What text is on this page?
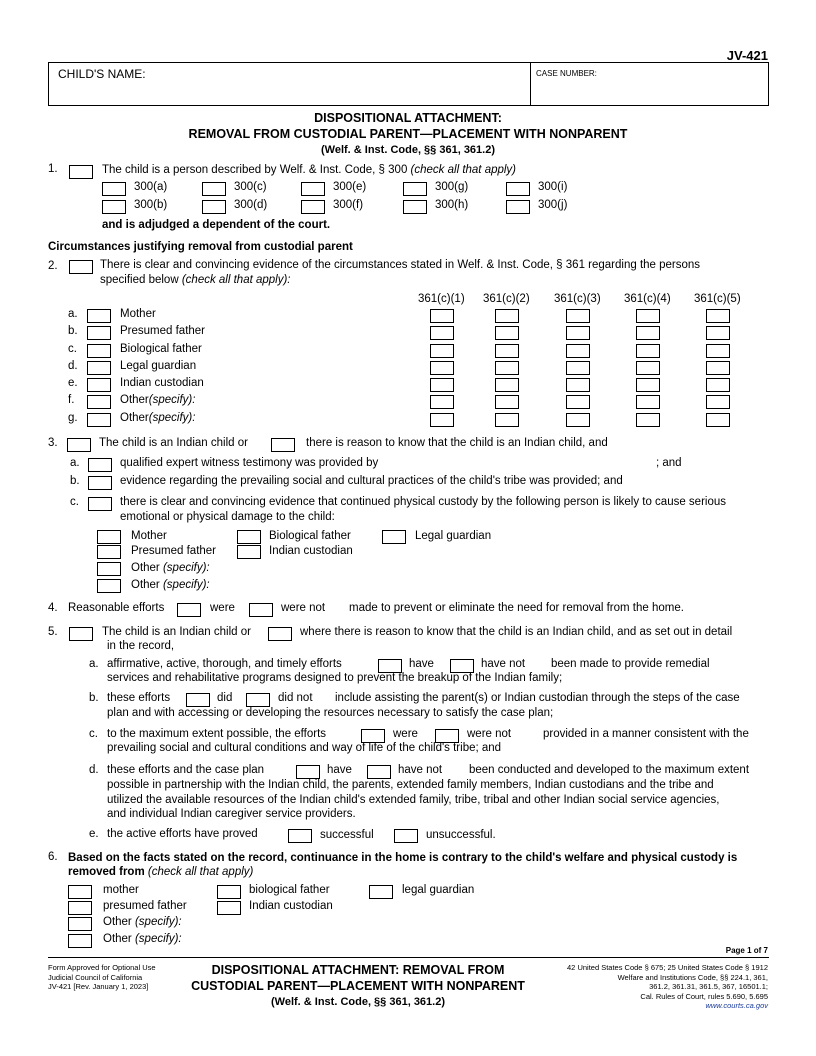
JV-421
CHILD'S NAME:	CASE NUMBER:
DISPOSITIONAL ATTACHMENT:
REMOVAL FROM CUSTODIAL PARENT—PLACEMENT WITH NONPARENT
(Welf. & Inst. Code, §§ 361, 361.2)
1.	The child is a person described by Welf. & Inst. Code, § 300 (check all that apply)
300(a)	300(c)	300(e)	300(g)	300(i)
300(b)	300(d)	300(f)	300(h)	300(j)
and is adjudged a dependent of the court.
Circumstances justifying removal from custodial parent
2.	There is clear and convincing evidence of the circumstances stated in Welf. & Inst. Code, § 361 regarding the persons
specified below (check all that apply):
361(c)(1) 361(c)(2) 361(c)(3) 361(c)(4) 361(c)(5)
a.	Mother
b.	Presumed father
c.	Biological father
d.	Legal guardian
e.	Indian custodian
f.	Other(specify):
g.	Other(specify):
3.	The child is an Indian child or	there is reason to know that the child is an Indian child, and
a.	qualified expert witness testimony was provided by	; and
b.	evidence regarding the prevailing social and cultural practices of the child's tribe was provided; and
c.	there is clear and convincing evidence that continued physical custody by the following person is likely to cause serious
emotional or physical damage to the child:
Mother	Biological father	Legal guardian
Presumed father	Indian custodian
Other (specify):
Other (specify):
4. Reasonable efforts	were	were not made to prevent or eliminate the need for removal from the home.
5.	The child is an Indian child or	where there is reason to know that the child is an Indian child, and as set out in detail
in the record,
a. affirmative, active, thorough, and timely efforts	have	have not been made to provide remedial
services and rehabilitative programs designed to prevent the breakup of the Indian family;
b. these efforts	did	did not include assisting the parent(s) or Indian custodian through the steps of the case
plan and with accessing or developing the resources necessary to satisfy the case plan;
c. to the maximum extent possible, the efforts	were	were not	provided in a manner consistent with the
prevailing social and cultural conditions and way of life of the child's tribe; and
d. these efforts and the case plan	have	have not been conducted and developed to the maximum extent
possible in partnership with the Indian child, the parents, extended family members, Indian custodians and the tribe and
utilized the available resources of the Indian child's extended family, tribe, tribal and other Indian social service agencies,
and individual Indian caregiver service providers.
e. the active efforts have proved	successful	unsuccessful.
6. Based on the facts stated on the record, continuance in the home is contrary to the child's welfare and physical custody is
removed from (check all that apply)
mother	biological father	legal guardian
presumed father	Indian custodian
Other (specify):
Other (specify):
Page 1 of 7
Form Approved for Optional Use
Judicial Council of California
JV-421 [Rev. January 1, 2023]
DISPOSITIONAL ATTACHMENT: REMOVAL FROM
CUSTODIAL PARENT—PLACEMENT WITH NONPARENT
(Welf. & Inst. Code, §§ 361, 361.2)
42 United States Code § 675; 25 United States Code § 1912
Welfare and Institutions Code, §§ 224.1, 361,
361.2, 361.31, 361.5, 367, 16501.1;
Cal. Rules of Court, rules 5.690, 5.695
www.courts.ca.gov
